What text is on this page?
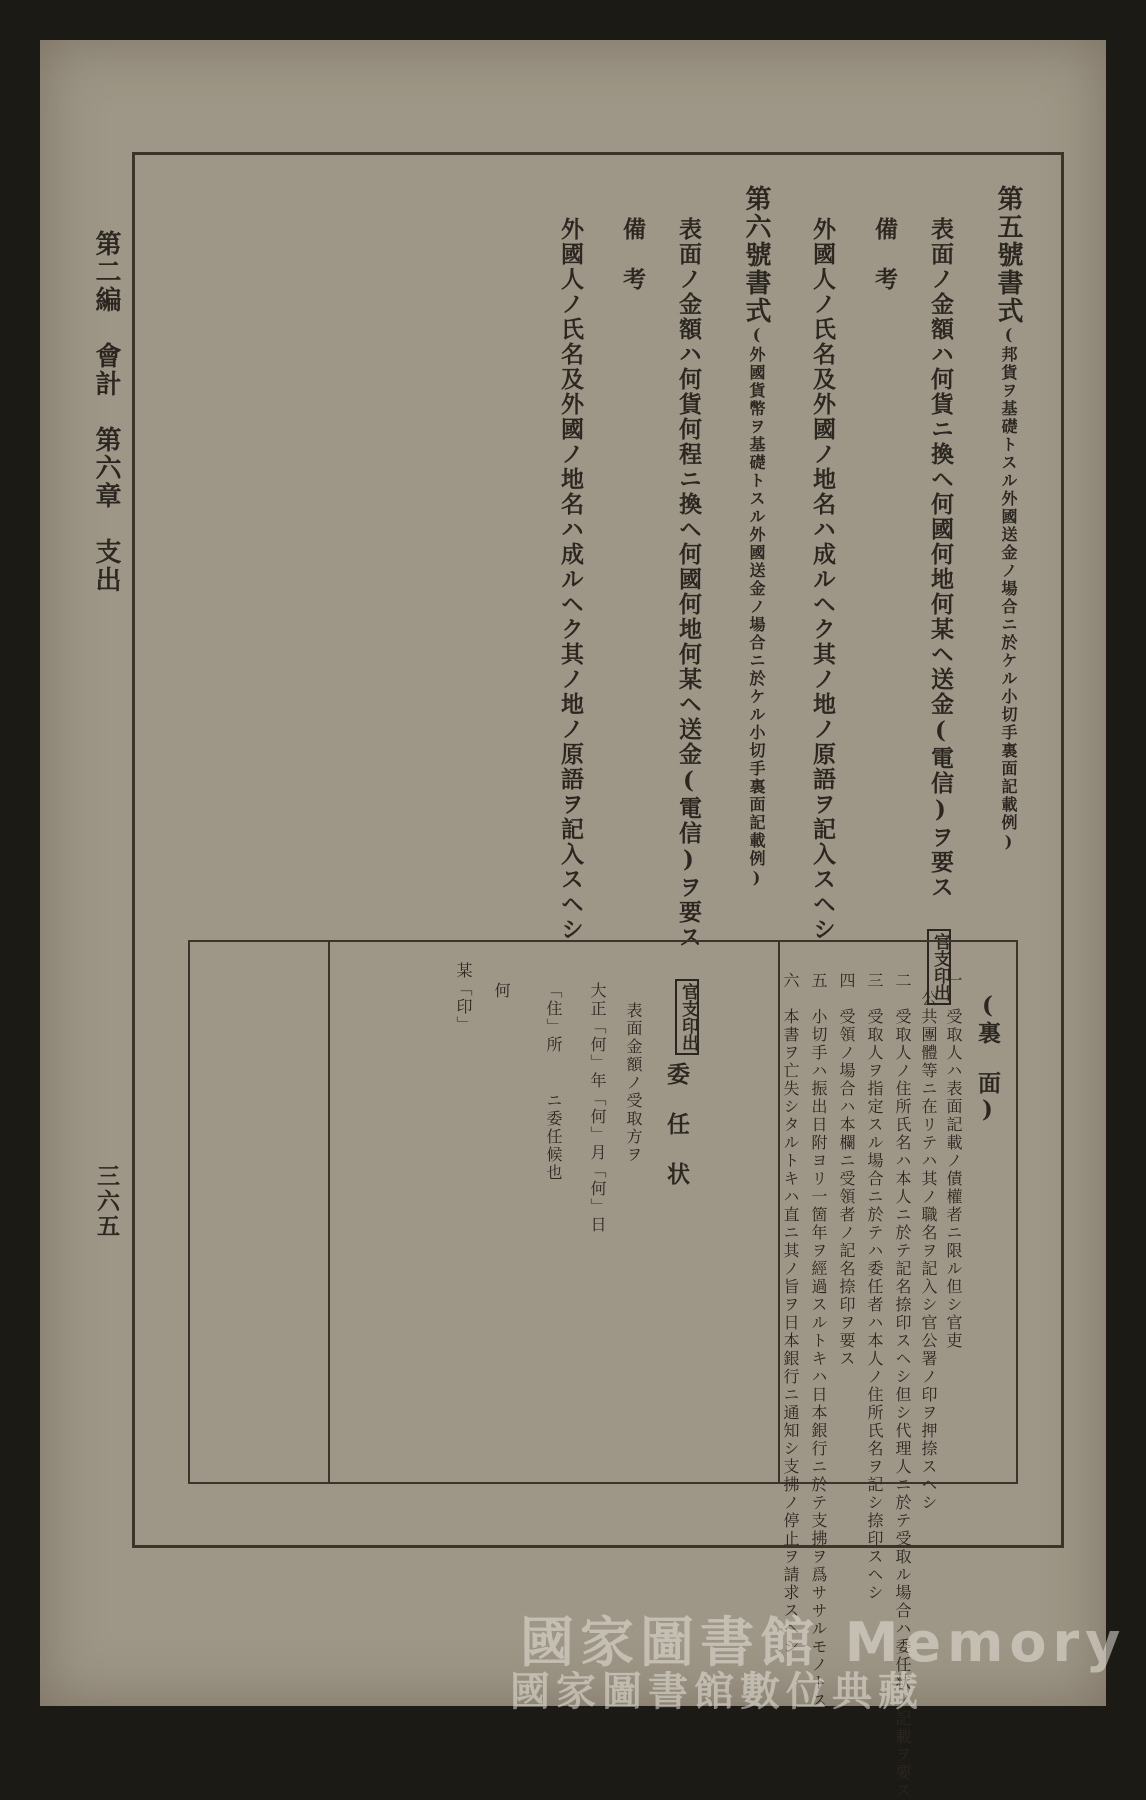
第二編　會計　第六章　支出
三六五
第五號書式(邦貨ヲ基礎トスル外國送金ノ場合ニ於ケル小切手裏面記載例)
表面ノ金額ハ何貨ニ換ヘ何國何地何某ヘ送金(電信)ヲ要ス 官支印出
備　考
外國人ノ氏名及外國ノ地名ハ成ルヘク其ノ地ノ原語ヲ記入スヘシ
第六號書式(外國貨幣ヲ基礎トスル外國送金ノ場合ニ於ケル小切手裏面記載例)
表面ノ金額ハ何貨何程ニ換ヘ何國何地何某ヘ送金(電信)ヲ要ス 官支印出
備　考
外國人ノ氏名及外國ノ地名ハ成ルヘク其ノ地ノ原語ヲ記入スヘシ
(裏　面)
一　受取人ハ表面記載ノ債權者ニ限ル但シ官吏
公共團體等ニ在リテハ其ノ職名ヲ記入シ官公署ノ印ヲ押捺スヘシ
二　受取人ノ住所氏名ハ本人ニ於テ記名捺印スヘシ但シ代理人ニ於テ受取ル場合ハ委任状ノ記載ヲ要ス
三　受取人ヲ指定スル場合ニ於テハ委任者ハ本人ノ住所氏名ヲ記シ捺印スヘシ
四　受領ノ場合ハ本欄ニ受領者ノ記名捺印ヲ要ス
五　小切手ハ振出日附ヨリ一箇年ヲ經過スルトキハ日本銀行ニ於テ支拂ヲ爲ササルモノトス
六　本書ヲ亡失シタルトキハ直ニ其ノ旨ヲ日本銀行ニ通知シ支拂ノ停止ヲ請求スヘシ
委　任　状
表面金額ノ受取方ヲ
大正「何」年「何」月「何」日
「住」所
ニ委任候也
何
某「印」
國家圖書館 Memory
國家圖書館數位典藏
